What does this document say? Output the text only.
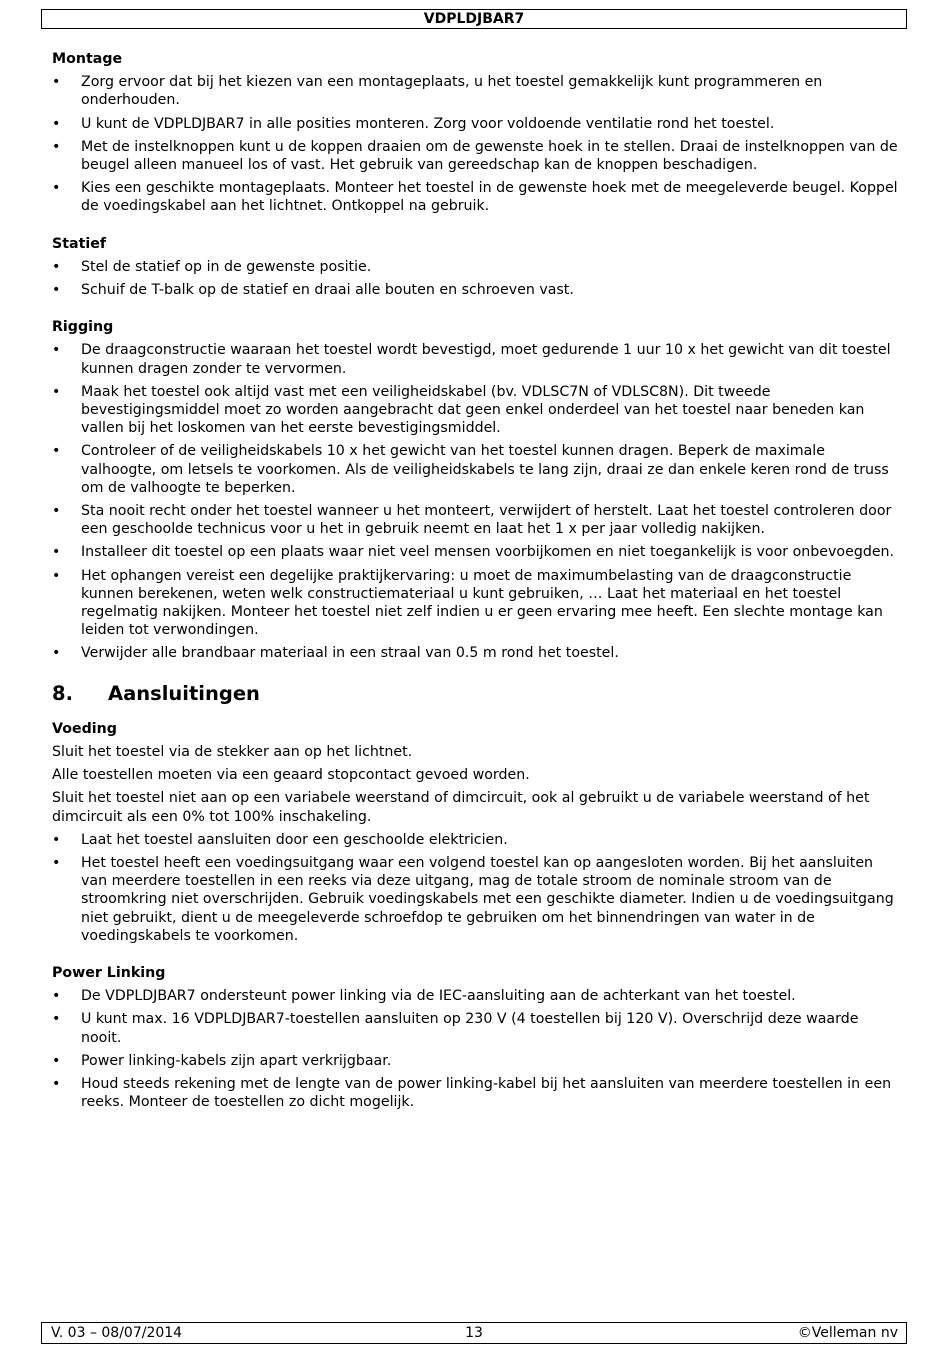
VDPLDJBAR7
Montage
• Zorg ervoor dat bij het kiezen van een montageplaats, u het toestel gemakkelijk kunt programmeren en onderhouden.
• U kunt de VDPLDJBAR7 in alle posities monteren. Zorg voor voldoende ventilatie rond het toestel.
• Met de instelknoppen kunt u de koppen draaien om de gewenste hoek in te stellen. Draai de instelknoppen van de beugel alleen manueel los of vast. Het gebruik van gereedschap kan de knoppen beschadigen.
• Kies een geschikte montageplaats. Monteer het toestel in de gewenste hoek met de meegeleverde beugel. Koppel de voedingskabel aan het lichtnet. Ontkoppel na gebruik.
Statief
• Stel de statief op in de gewenste positie.
• Schuif de T-balk op de statief en draai alle bouten en schroeven vast.
Rigging
• De draagconstructie waaraan het toestel wordt bevestigd, moet gedurende 1 uur 10 x het gewicht van dit toestel kunnen dragen zonder te vervormen.
• Maak het toestel ook altijd vast met een veiligheidskabel (bv. VDLSC7N of VDLSC8N). Dit tweede bevestigingsmiddel moet zo worden aangebracht dat geen enkel onderdeel van het toestel naar beneden kan vallen bij het loskomen van het eerste bevestigingsmiddel.
• Controleer of de veiligheidskabels 10 x het gewicht van het toestel kunnen dragen. Beperk de maximale valhoogte, om letsels te voorkomen. Als de veiligheidskabels te lang zijn, draai ze dan enkele keren rond de truss om de valhoogte te beperken.
• Sta nooit recht onder het toestel wanneer u het monteert, verwijdert of herstelt. Laat het toestel controleren door een geschoolde technicus voor u het in gebruik neemt en laat het 1 x per jaar volledig nakijken.
• Installeer dit toestel op een plaats waar niet veel mensen voorbijkomen en niet toegankelijk is voor onbevoegden.
• Het ophangen vereist een degelijke praktijkervaring: u moet de maximumbelasting van de draagconstructie kunnen berekenen, weten welk constructiemateriaal u kunt gebruiken, … Laat het materiaal en het toestel regelmatig nakijken. Monteer het toestel niet zelf indien u er geen ervaring mee heeft. Een slechte montage kan leiden tot verwondingen.
• Verwijder alle brandbaar materiaal in een straal van 0.5 m rond het toestel.
8.	Aansluitingen
Voeding

Sluit het toestel via de stekker aan op het lichtnet.

Alle toestellen moeten via een geaard stopcontact gevoed worden.

Sluit het toestel niet aan op een variabele weerstand of dimcircuit, ook al gebruikt u de variabele weerstand of het dimcircuit als een 0% tot 100% inschakeling.

• Laat het toestel aansluiten door een geschoolde elektricien.
• Het toestel heeft een voedingsuitgang waar een volgend toestel kan op aangesloten worden. Bij het aansluiten van meerdere toestellen in een reeks via deze uitgang, mag de totale stroom de nominale stroom van de stroomkring niet overschrijden. Gebruik voedingskabels met een geschikte diameter. Indien u de voedingsuitgang niet gebruikt, dient u de meegeleverde schroefdop te gebruiken om het binnendringen van water in de voedingskabels te voorkomen.
Power Linking
• De VDPLDJBAR7 ondersteunt power linking via de IEC-aansluiting aan de achterkant van het toestel.
• U kunt max. 16 VDPLDJBAR7-toestellen aansluiten op 230 V (4 toestellen bij 120 V). Overschrijd deze waarde nooit.
• Power linking-kabels zijn apart verkrijgbaar.
• Houd steeds rekening met de lengte van de power linking-kabel bij het aansluiten van meerdere toestellen in een reeks. Monteer de toestellen zo dicht mogelijk.
V. 03 – 08/07/2014	13	©Velleman nv
